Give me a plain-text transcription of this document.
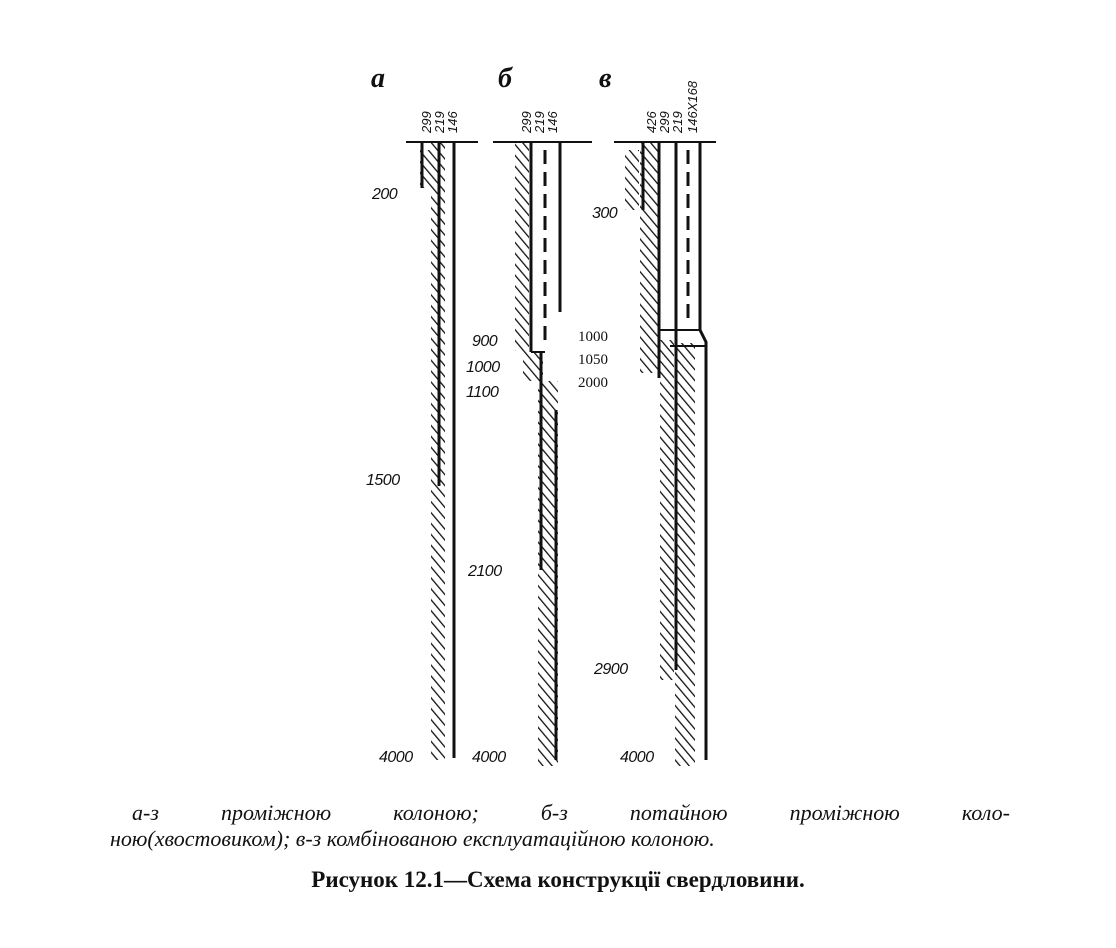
а
299
219
146
200
1500
4000
б
299
219
146
900
1000
1100
2100
4000
в
426
299
219 146Х168
300
1000
1050
2000
2900
4000
а-з	проміжною	колоною;	б-з	потайною	проміжною	коло-
ною(хвостовиком); в-з комбінованою експлуатаційною колоною.
Рисунок 12.1—Схема конструкції свердловини.
